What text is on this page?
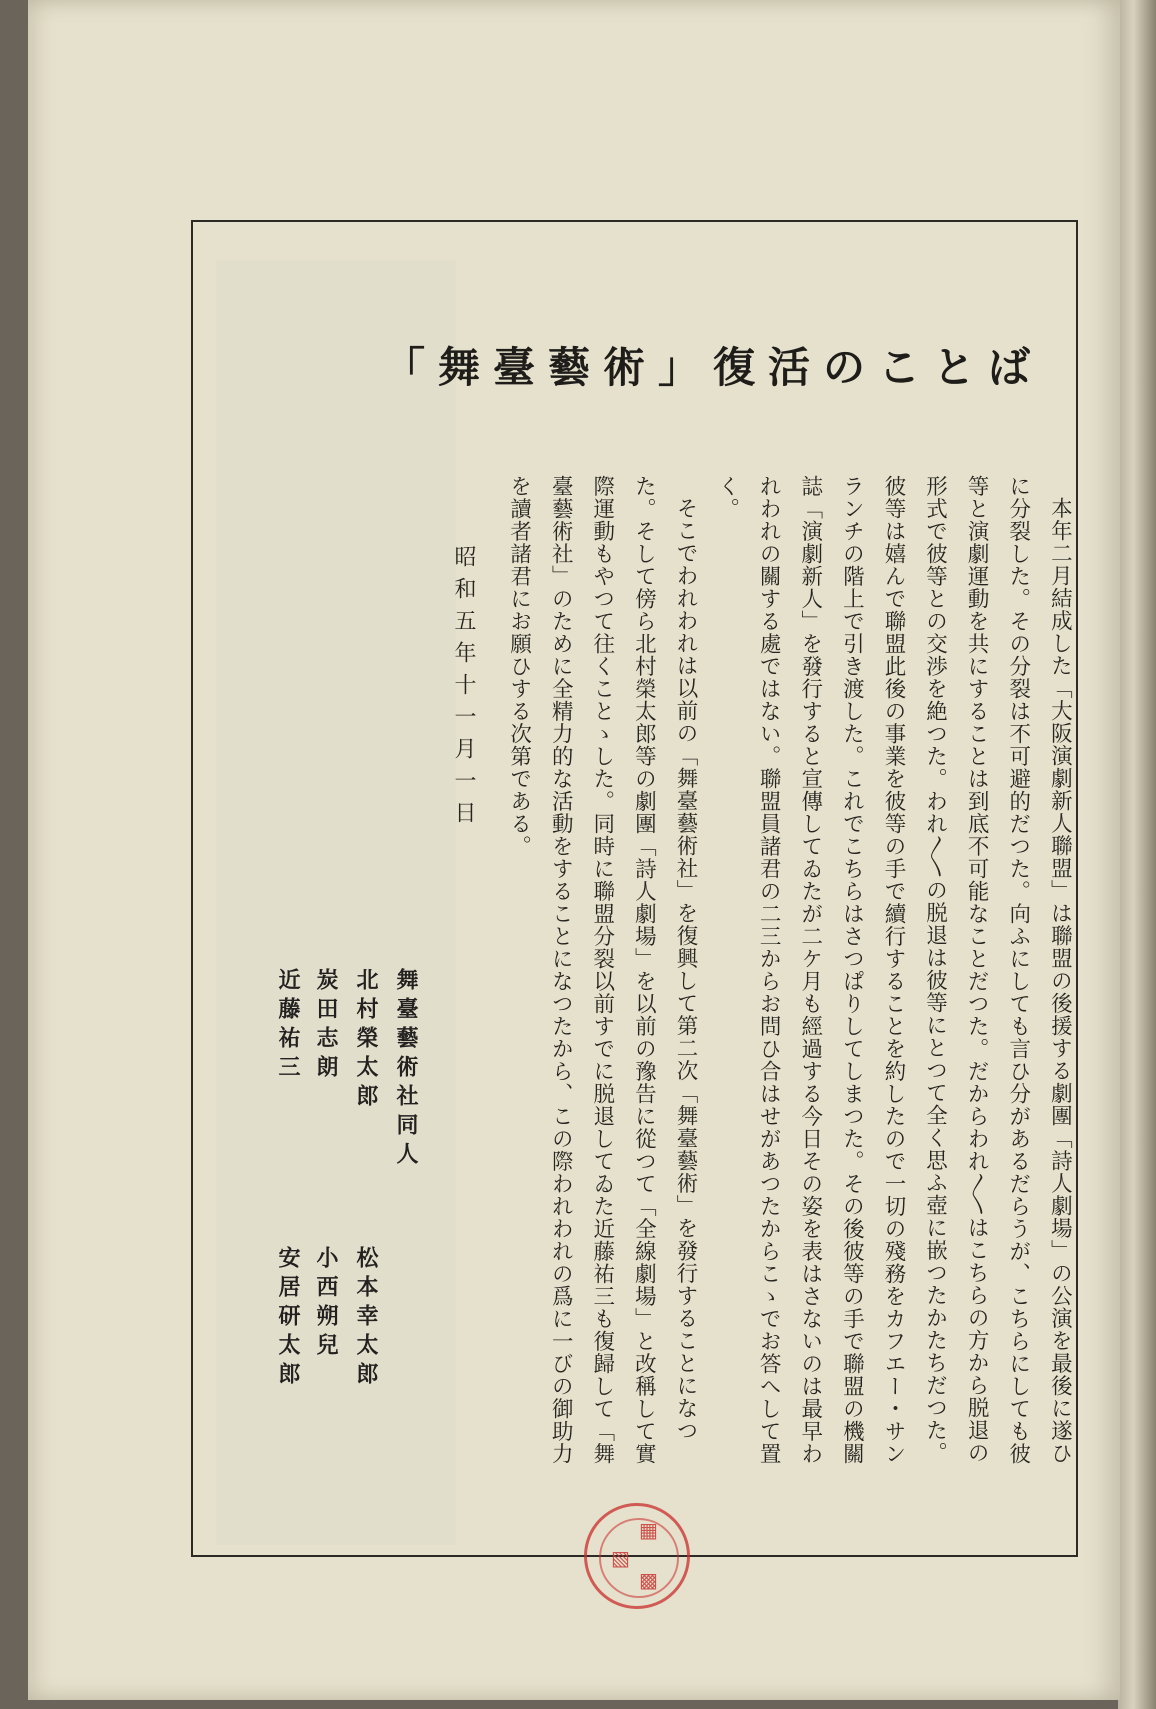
「舞臺藝術」復活のことば

本年二月結成した「大阪演劇新人聯盟」は聯盟の後援する劇團「詩人劇場」の公演を最後に遂ひに分裂した。その分裂は不可避的だつた。向ふにしても言ひ分があるだらうが、こちらにしても彼等と演劇運動を共にすることは到底不可能なことだつた。だからわれ〳〵はこちらの方から脱退の形式で彼等との交渉を絶つた。われ〳〵の脱退は彼等にとつて全く思ふ壺に嵌つたかたちだつた。彼等は嬉んで聯盟此後の事業を彼等の手で續行することを約したので一切の殘務をカフエー・サンランチの階上で引き渡した。これでこちらはさつぱりしてしまつた。その後彼等の手で聯盟の機關誌「演劇新人」を發行すると宣傳してゐたが二ケ月も經過する今日その姿を表はさないのは最早われわれの關する處ではない。聯盟員諸君の二三からお問ひ合はせがあつたからこゝでお答へして置く。

そこでわれわれは以前の「舞臺藝術社」を復興して第二次「舞臺藝術」を發行することになつた。そして傍ら北村榮太郎等の劇團「詩人劇場」を以前の豫告に從つて「全線劇場」と改稱して實際運動もやつて往くことゝした。同時に聯盟分裂以前すでに脱退してゐた近藤祐三も復歸して「舞臺藝術社」のために全精力的な活動をすることになつたから、この際われわれの爲に一びの御助力を讀者諸君にお願ひする次第である。

昭和五年十一月一日
舞臺藝術社同人
北村榮太郎
炭田志朗
近藤祐三
松本幸太郎
小西朔兒
安居研太郎
▦
▧
▩
